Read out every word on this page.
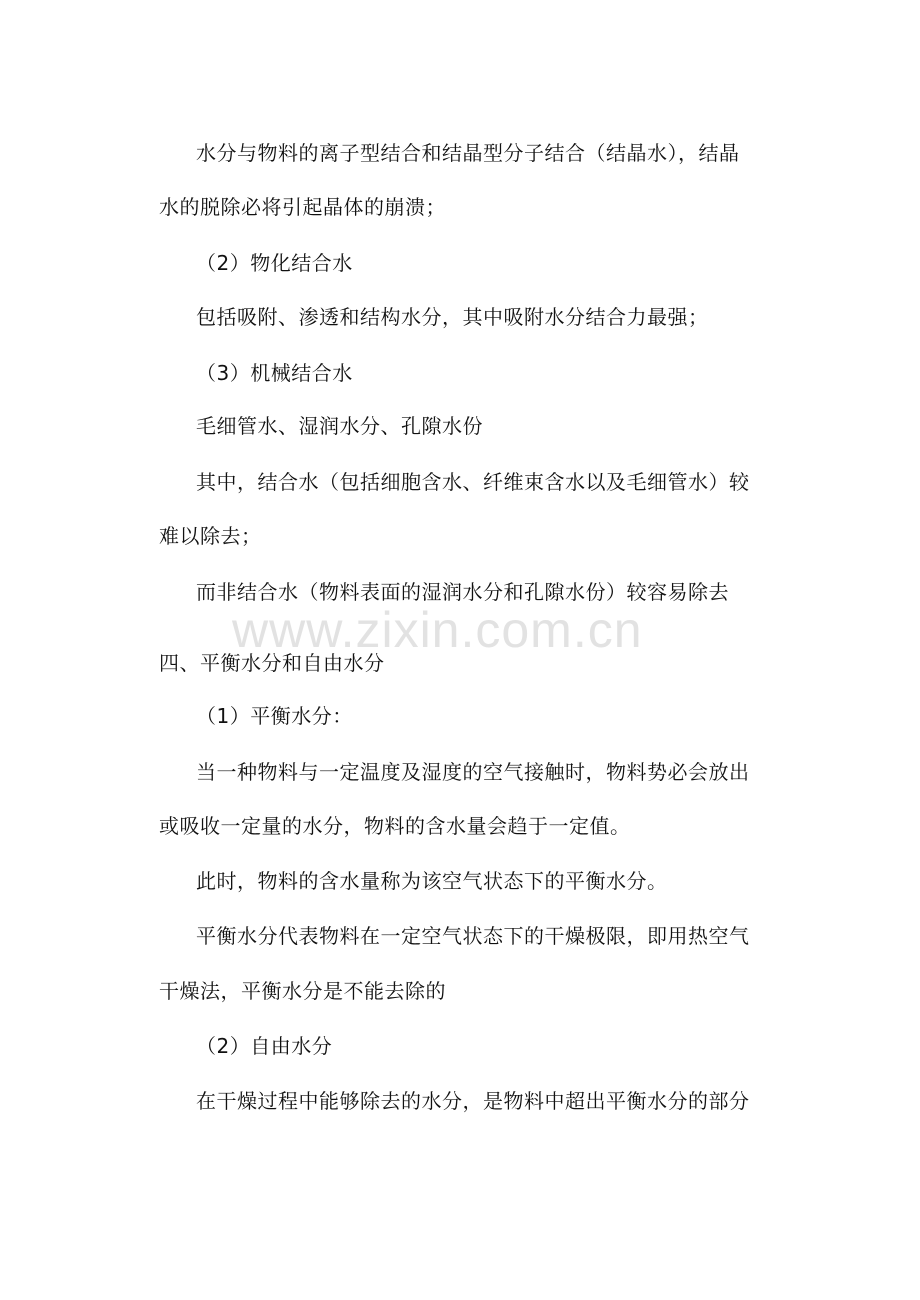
水分与物料的离子型结合和结晶型分子结合（结晶水），结晶
水的脱除必将引起晶体的崩溃；
（2）物化结合水
包括吸附、渗透和结构水分，其中吸附水分结合力最强；
（3）机械结合水
毛细管水、湿润水分、孔隙水份
其中，结合水（包括细胞含水、纤维束含水以及毛细管水）较
难以除去；
而非结合水（物料表面的湿润水分和孔隙水份）较容易除去
四、平衡水分和自由水分
（1）平衡水分：
当一种物料与一定温度及湿度的空气接触时，物料势必会放出
或吸收一定量的水分，物料的含水量会趋于一定值。
此时，物料的含水量称为该空气状态下的平衡水分。
平衡水分代表物料在一定空气状态下的干燥极限，即用热空气
干燥法，平衡水分是不能去除的
（2）自由水分
在干燥过程中能够除去的水分，是物料中超出平衡水分的部分
www.zixin.com.cn
